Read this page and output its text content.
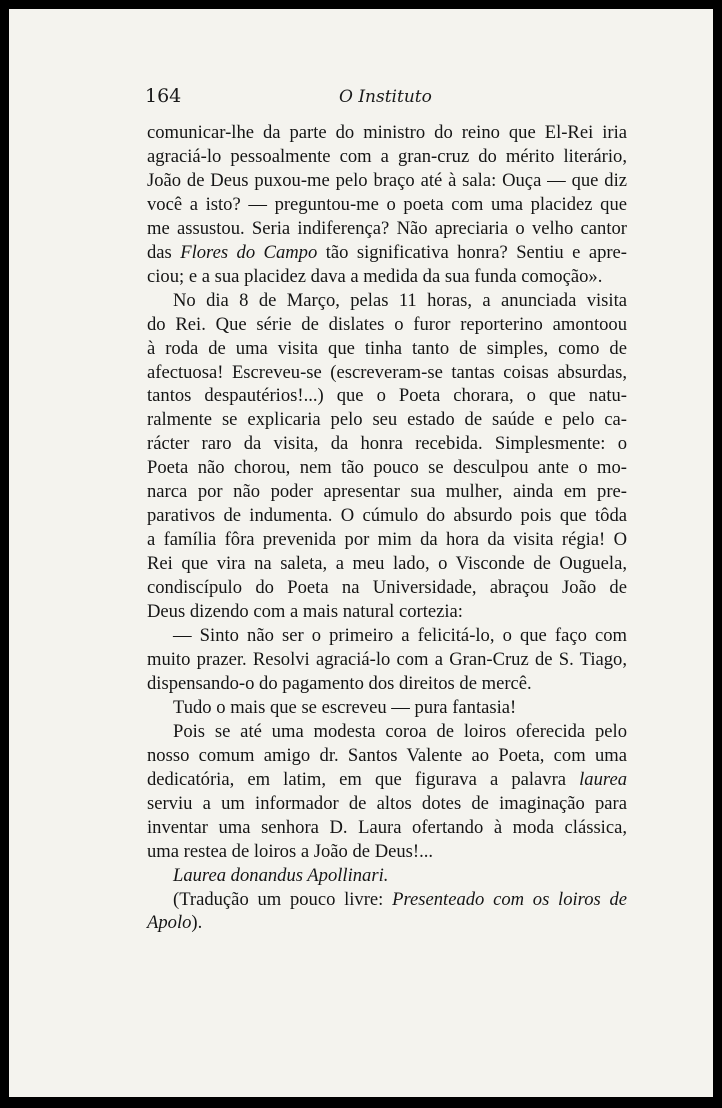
164	O Instituto

comunicar-lhe da parte do ministro do reino que El-Rei iria
agraciá-lo pessoalmente com a gran-cruz do mérito literário,
João de Deus puxou-me pelo braço até à sala: Ouça — que diz
você a isto? — preguntou-me o poeta com uma placidez que
me assustou. Seria indiferença? Não apreciaria o velho cantor
das Flores do Campo tão significativa honra? Sentiu e apre-
ciou; e a sua placidez dava a medida da sua funda comoção».

No dia 8 de Março, pelas 11 horas, a anunciada visita
do Rei. Que série de dislates o furor reporterino amontoou
à roda de uma visita que tinha tanto de simples, como de
afectuosa! Escreveu-se (escreveram-se tantas coisas absurdas,
tantos despautérios!...) que o Poeta chorara, o que natu-
ralmente se explicaria pelo seu estado de saúde e pelo ca-
rácter raro da visita, da honra recebida. Simplesmente: o
Poeta não chorou, nem tão pouco se desculpou ante o mo-
narca por não poder apresentar sua mulher, ainda em pre-
parativos de indumenta. O cúmulo do absurdo pois que tôda
a família fôra prevenida por mim da hora da visita régia! O
Rei que vira na saleta, a meu lado, o Visconde de Ouguela,
condiscípulo do Poeta na Universidade, abraçou João de
Deus dizendo com a mais natural cortezia:

— Sinto não ser o primeiro a felicitá-lo, o que faço com
muito prazer. Resolvi agraciá-lo com a Gran-Cruz de S. Tiago,
dispensando-o do pagamento dos direitos de mercê.

Tudo o mais que se escreveu — pura fantasia!

Pois se até uma modesta coroa de loiros oferecida pelo
nosso comum amigo dr. Santos Valente ao Poeta, com uma
dedicatória, em latim, em que figurava a palavra laurea
serviu a um informador de altos dotes de imaginação para
inventar uma senhora D. Laura ofertando à moda clássica,
uma restea de loiros a João de Deus!...

Laurea donandus Apollinari.

(Tradução um pouco livre: Presenteado com os loiros de
Apolo).
